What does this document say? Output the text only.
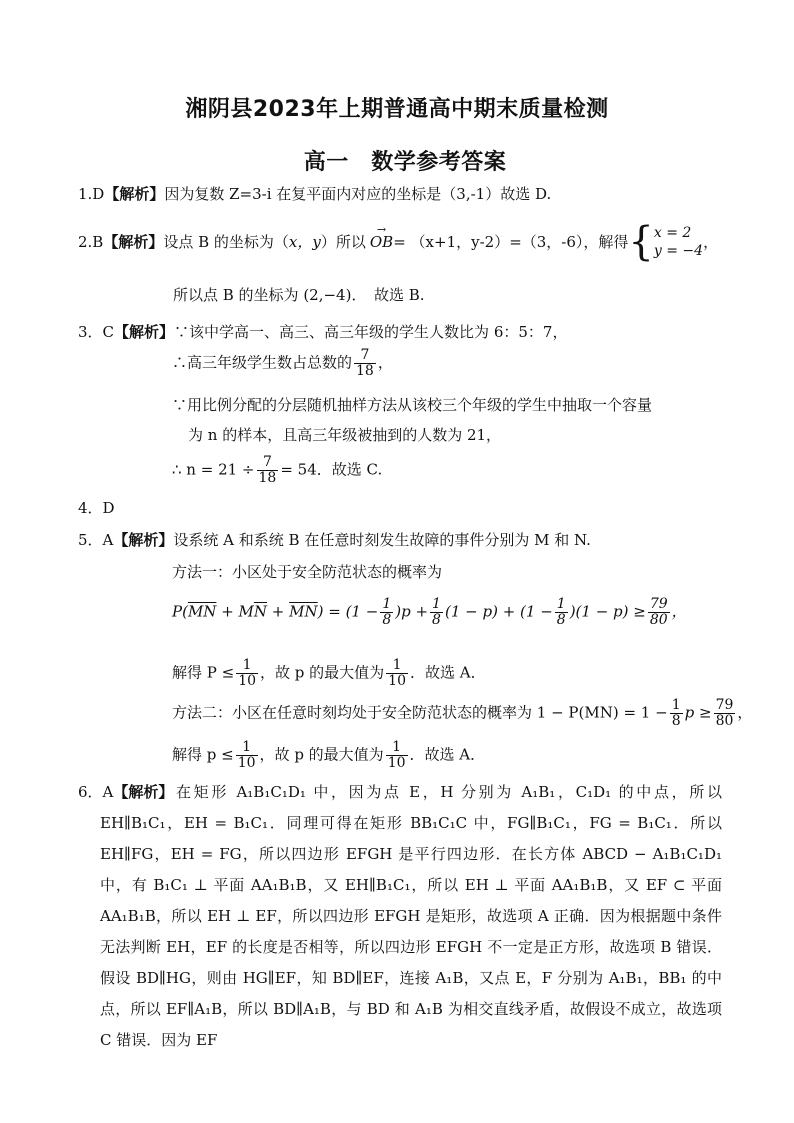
湘阴县2023年上期普通高中期末质量检测
高一　数学参考答案
1.D【解析】因为复数 Z=3-i 在复平面内对应的坐标是（3,-1）故选 D.
2.B 【解析】 设点 B 的坐标为（ x，y ）所以 OB
→
= （x+1，y-2）=（3，-6），解得 { x = 2
y = −4 ，
所以点 B 的坐标为 (2,−4)．　故选 B.
3．C【解析】∵该中学高一、高三、高三年级的学生人数比为 6：5：7，
∴高三年级学生数占总数的 $\frac{7}{18}$ ，
∵用比例分配的分层随机抽样方法从该校三个年级的学生中抽取一个容量
为 n 的样本，且高三年级被抽到的人数为 21，
∴ $n = 21 \div \frac{7}{18} = 54$．故选 C.
4．D
5．A【解析】设系统 A 和系统 B 在任意时刻发生故障的事件分别为 M 和 N.
方法一：小区处于安全防范状态的概率为
$P(\overline{MN} + M\overline{N} + \overline{MN}) = (1 - \frac{1}{8} )p + \frac{1}{8} (1 - p) + (1 - \frac{1}{8} )(1 - p) \ge \frac{79}{80}$ ，
解得 $P \le \frac{1}{10}$ ，故 p 的最大值为 $\frac{1}{10}$ ．故选 A．
方法二：小区在任意时刻均处于安全防范状态的概率为 $1 - P(MN) = 1 - \frac{1}{8}$ $p \ge \frac{79}{80}$ ，
解得 $p \le \frac{1}{10}$ ，故 p 的最大值为 $\frac{1}{10}$ ．故选 A．
6．A【解析】 在矩形 A₁B₁C₁D₁ 中，因为点 E，H 分别为 A₁B₁，C₁D₁ 的中点，所以 EH∥B₁C₁，EH = B₁C₁．同理可得在矩形 BB₁C₁C 中，FG∥B₁C₁，FG = B₁C₁．所以 EH∥FG，EH = FG，所以四边形 EFGH 是平行四边形．在长方体 ABCD − A₁B₁C₁D₁ 中，有 B₁C₁ ⊥ 平面 AA₁B₁B，又 EH∥B₁C₁，所以 EH ⊥ 平面 AA₁B₁B，又 EF ⊂ 平面 AA₁B₁B，所以 EH ⊥ EF，所以四边形 EFGH 是矩形，故选项 A 正确．因为根据题中条件无法判断 EH，EF 的长度是否相等，所以四边形 EFGH 不一定是正方形，故选项 B 错误．假设 BD∥HG，则由 HG∥EF，知 BD∥EF，连接 A₁B，又点 E，F 分别为 A₁B₁，BB₁ 的中点，所以 EF∥A₁B，所以 BD∥A₁B，与 BD 和 A₁B 为相交直线矛盾，故假设不成立，故选项 C 错误．因为 EF
